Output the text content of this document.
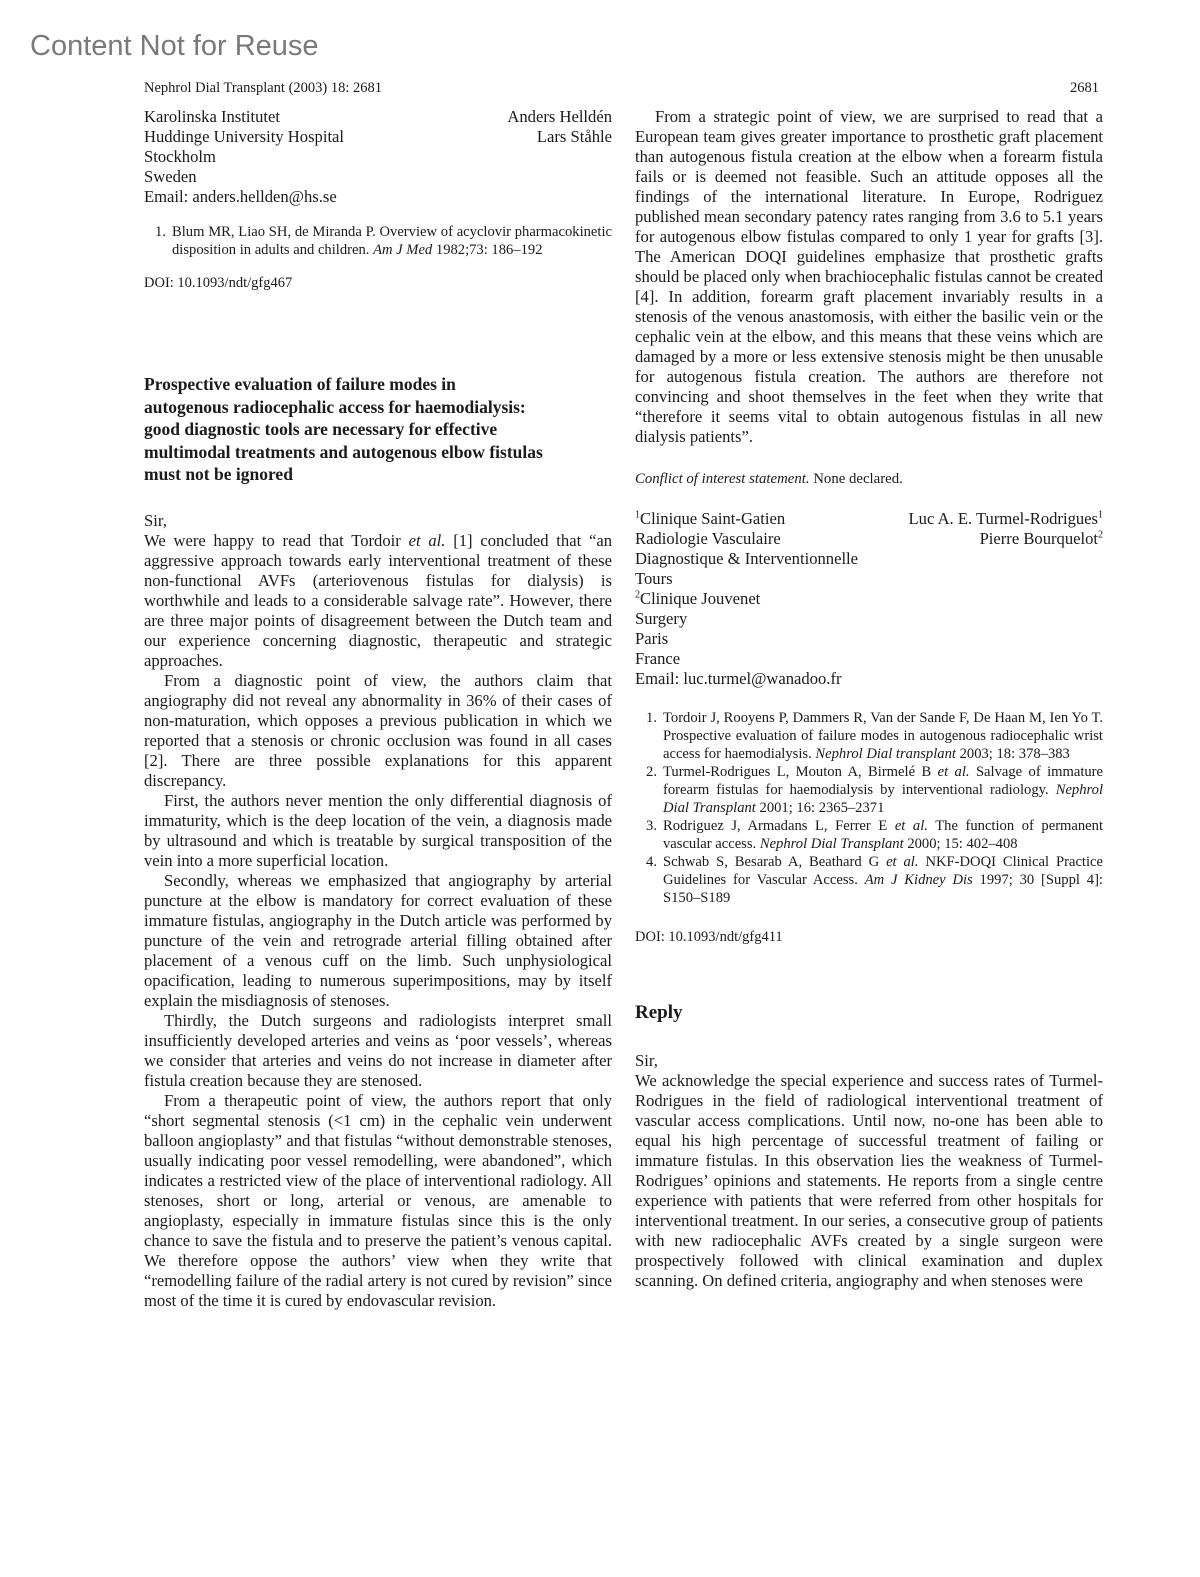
Content Not for Reuse
Nephrol Dial Transplant (2003) 18: 2681	2681
Karolinska Institutet	Anders Helldén
Huddinge University Hospital	Lars Ståhle
Stockholm
Sweden
Email: anders.hellden@hs.se
1. Blum MR, Liao SH, de Miranda P. Overview of acyclovir pharmacokinetic disposition in adults and children. Am J Med 1982;73: 186–192
DOI: 10.1093/ndt/gfg467
Prospective evaluation of failure modes in autogenous radiocephalic access for haemodialysis: good diagnostic tools are necessary for effective multimodal treatments and autogenous elbow fistulas must not be ignored

Sir,

We were happy to read that Tordoir et al. [1] concluded that “an aggressive approach towards early interventional treatment of these non-functional AVFs (arteriovenous fistulas for dialysis) is worthwhile and leads to a considerable salvage rate”. However, there are three major points of disagreement between the Dutch team and our experience concerning diagnostic, therapeutic and strategic approaches.

From a diagnostic point of view, the authors claim that angiography did not reveal any abnormality in 36% of their cases of non-maturation, which opposes a previous publication in which we reported that a stenosis or chronic occlusion was found in all cases [2]. There are three possible explanations for this apparent discrepancy.

First, the authors never mention the only differential diagnosis of immaturity, which is the deep location of the vein, a diagnosis made by ultrasound and which is treatable by surgical transposition of the vein into a more superficial location.

Secondly, whereas we emphasized that angiography by arterial puncture at the elbow is mandatory for correct evaluation of these immature fistulas, angiography in the Dutch article was performed by puncture of the vein and retrograde arterial filling obtained after placement of a venous cuff on the limb. Such unphysiological opacification, leading to numerous superimpositions, may by itself explain the misdiagnosis of stenoses.

Thirdly, the Dutch surgeons and radiologists interpret small insufficiently developed arteries and veins as ‘poor vessels’, whereas we consider that arteries and veins do not increase in diameter after fistula creation because they are stenosed.

From a therapeutic point of view, the authors report that only “short segmental stenosis (<1 cm) in the cephalic vein underwent balloon angioplasty” and that fistulas “without demonstrable stenoses, usually indicating poor vessel remodelling, were abandoned”, which indicates a restricted view of the place of interventional radiology. All stenoses, short or long, arterial or venous, are amenable to angioplasty, especially in immature fistulas since this is the only chance to save the fistula and to preserve the patient’s venous capital. We therefore oppose the authors’ view when they write that “remodelling failure of the radial artery is not cured by revision” since most of the time it is cured by endovascular revision.

From a strategic point of view, we are surprised to read that a European team gives greater importance to prosthetic graft placement than autogenous fistula creation at the elbow when a forearm fistula fails or is deemed not feasible. Such an attitude opposes all the findings of the international literature. In Europe, Rodriguez published mean secondary patency rates ranging from 3.6 to 5.1 years for autogenous elbow fistulas compared to only 1 year for grafts [3]. The American DOQI guidelines emphasize that prosthetic grafts should be placed only when brachiocephalic fistulas cannot be created [4]. In addition, forearm graft placement invariably results in a stenosis of the venous anastomosis, with either the basilic vein or the cephalic vein at the elbow, and this means that these veins which are damaged by a more or less extensive stenosis might be then unusable for autogenous fistula creation. The authors are therefore not convincing and shoot themselves in the feet when they write that “therefore it seems vital to obtain autogenous fistulas in all new dialysis patients”.

Conflict of interest statement. None declared.

$^1$Clinique Saint-Gatien	Luc A. E. Turmel-Rodrigues$^1$
Radiologie Vasculaire	Pierre Bourquelot$^2$
Diagnostique & Interventionnelle
Tours
$^2$Clinique Jouvenet
Surgery
Paris
France
Email: luc.turmel@wanadoo.fr
1. Tordoir J, Rooyens P, Dammers R, Van der Sande F, De Haan M, Ien Yo T. Prospective evaluation of failure modes in autogenous radiocephalic wrist access for haemodialysis. Nephrol Dial transplant 2003; 18: 378–383
2. Turmel-Rodrigues L, Mouton A, Birmelé B et al. Salvage of immature forearm fistulas for haemodialysis by interventional radiology. Nephrol Dial Transplant 2001; 16: 2365–2371
3. Rodriguez J, Armadans L, Ferrer E et al. The function of permanent vascular access. Nephrol Dial Transplant 2000; 15: 402–408
4. Schwab S, Besarab A, Beathard G et al. NKF-DOQI Clinical Practice Guidelines for Vascular Access. Am J Kidney Dis 1997; 30 [Suppl 4]: S150–S189
DOI: 10.1093/ndt/gfg411
Reply

Sir,

We acknowledge the special experience and success rates of Turmel-Rodrigues in the field of radiological interventional treatment of vascular access complications. Until now, no-one has been able to equal his high percentage of successful treatment of failing or immature fistulas. In this observation lies the weakness of Turmel-Rodrigues’ opinions and statements. He reports from a single centre experience with patients that were referred from other hospitals for interventional treatment. In our series, a consecutive group of patients with new radiocephalic AVFs created by a single surgeon were prospectively followed with clinical examination and duplex scanning. On defined criteria, angiography and when stenoses were
